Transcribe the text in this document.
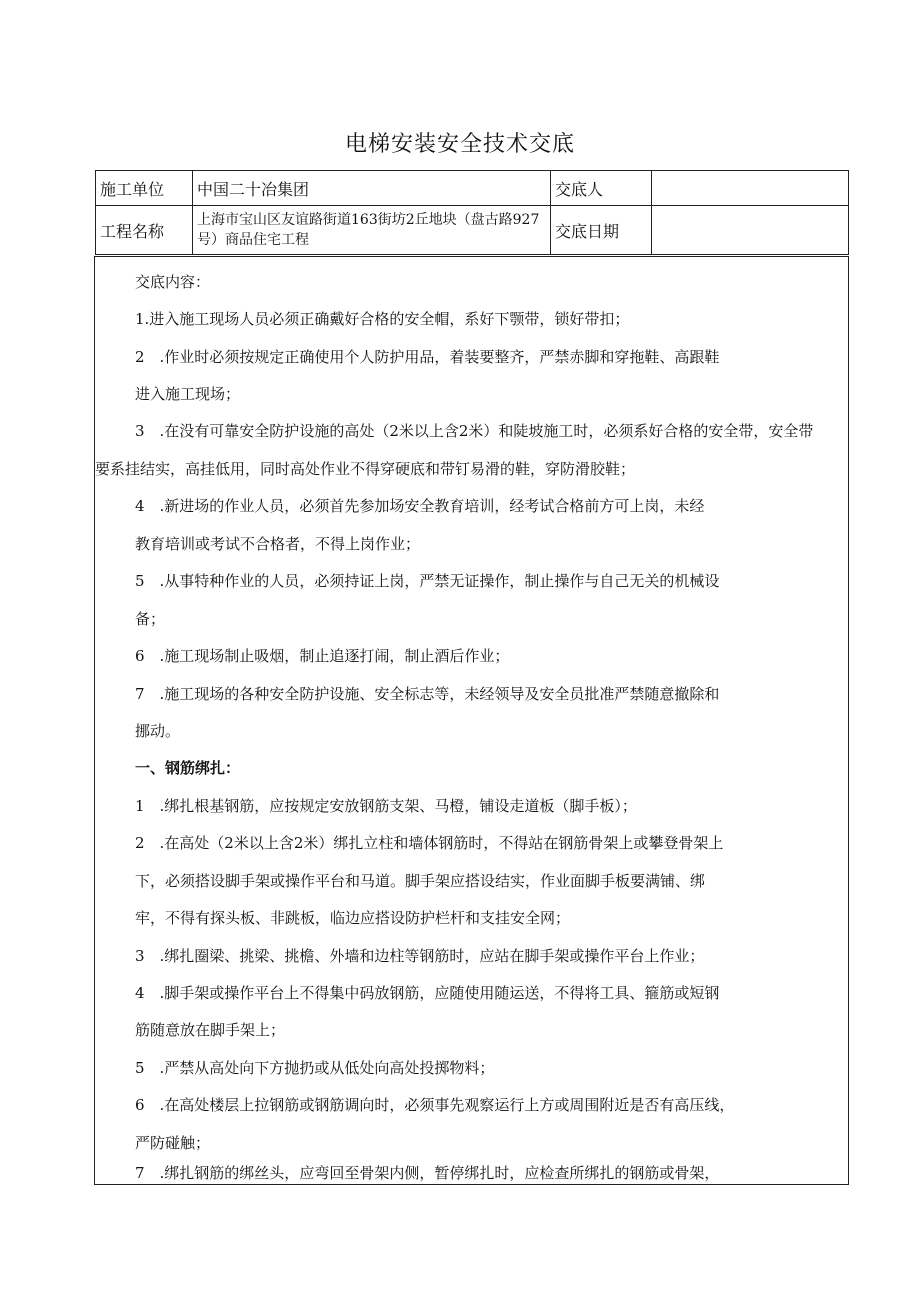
电梯安装安全技术交底
施工单位	中国二十冶集团	交底人	
工程名称	上海市宝山区友谊路街道163街坊2丘地块（盘古路927号）商品住宅工程	交底日期	
交底内容：
1.进入施工现场人员必须正确戴好合格的安全帽，系好下颚带，锁好带扣；
2　.作业时必须按规定正确使用个人防护用品，着装要整齐，严禁赤脚和穿拖鞋、高跟鞋
进入施工现场；
3　.在没有可靠安全防护设施的高处（2米以上含2米）和陡坡施工时，必须系好合格的安全带，安全带
要系挂结实，高挂低用，同时高处作业不得穿硬底和带钉易滑的鞋，穿防滑胶鞋；
4　.新进场的作业人员，必须首先参加场安全教育培训，经考试合格前方可上岗，未经
教育培训或考试不合格者，不得上岗作业；
5　.从事特种作业的人员，必须持证上岗，严禁无证操作，制止操作与自己无关的机械设
备；
6　.施工现场制止吸烟，制止追逐打闹，制止酒后作业；
7　.施工现场的各种安全防护设施、安全标志等，未经领导及安全员批准严禁随意撤除和
挪动。
一、钢筋绑扎：
1　.绑扎根基钢筋，应按规定安放钢筋支架、马橙，铺设走道板（脚手板）；
2　.在高处（2米以上含2米）绑扎立柱和墙体钢筋时，不得站在钢筋骨架上或攀登骨架上
下，必须搭设脚手架或操作平台和马道。脚手架应搭设结实，作业面脚手板要满铺、绑
牢，不得有探头板、非跳板，临边应搭设防护栏杆和支挂安全网；
3　.绑扎圈梁、挑梁、挑檐、外墙和边柱等钢筋时，应站在脚手架或操作平台上作业；
4　.脚手架或操作平台上不得集中码放钢筋，应随使用随运送，不得将工具、箍筋或短钢
筋随意放在脚手架上；
5　.严禁从高处向下方抛扔或从低处向高处投掷物料；
6　.在高处楼层上拉钢筋或钢筋调向时，必须事先观察运行上方或周围附近是否有高压线，
严防碰触；
7　.绑扎钢筋的绑丝头，应弯回至骨架内侧，暂停绑扎时，应检查所绑扎的钢筋或骨架，
